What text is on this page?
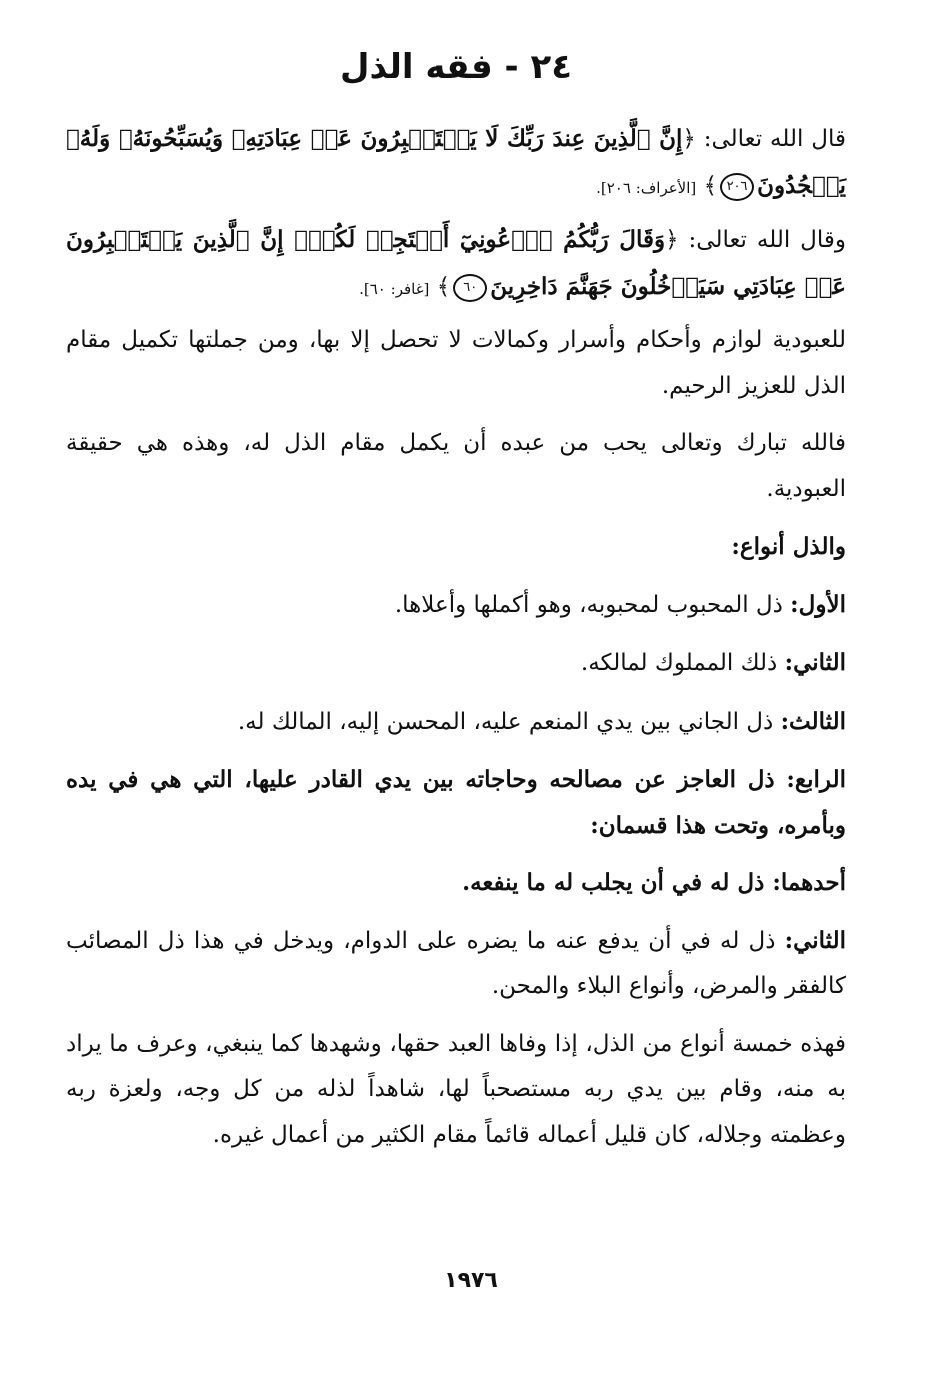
٢٤ - فقه الذل

قال الله تعالى: ﴿إِنَّ ٱلَّذِينَ عِندَ رَبِّكَ لَا يَسۡتَكۡبِرُونَ عَنۡ عِبَادَتِهِۦ وَيُسَبِّحُونَهُۥ وَلَهُۥ يَسۡجُدُونَ٢٠٦﴾ [الأعراف: ٢٠٦].

وقال الله تعالى: ﴿وَقَالَ رَبُّكُمُ ٱدۡعُونِيٓ أَسۡتَجِبۡ لَكُمۡۚ إِنَّ ٱلَّذِينَ يَسۡتَكۡبِرُونَ عَنۡ عِبَادَتِي سَيَدۡخُلُونَ جَهَنَّمَ دَاخِرِينَ٦٠﴾ [غافر: ٦٠].

للعبودية لوازم وأحكام وأسرار وكمالات لا تحصل إلا بها، ومن جملتها تكميل مقام الذل للعزيز الرحيم.

فالله تبارك وتعالى يحب من عبده أن يكمل مقام الذل له، وهذه هي حقيقة العبودية.

والذل أنواع:

الأول: ذل المحبوب لمحبوبه، وهو أكملها وأعلاها.

الثاني: ذلك المملوك لمالكه.

الثالث: ذل الجاني بين يدي المنعم عليه، المحسن إليه، المالك له.

الرابع: ذل العاجز عن مصالحه وحاجاته بين يدي القادر عليها، التي هي في يده وبأمره، وتحت هذا قسمان:

أحدهما: ذل له في أن يجلب له ما ينفعه.

الثاني: ذل له في أن يدفع عنه ما يضره على الدوام، ويدخل في هذا ذل المصائب كالفقر والمرض، وأنواع البلاء والمحن.

فهذه خمسة أنواع من الذل، إذا وفاها العبد حقها، وشهدها كما ينبغي، وعرف ما يراد به منه، وقام بين يدي ربه مستصحباً لها، شاهداً لذله من كل وجه، ولعزة ربه وعظمته وجلاله، كان قليل أعماله قائماً مقام الكثير من أعمال غيره.

١٩٧٦
